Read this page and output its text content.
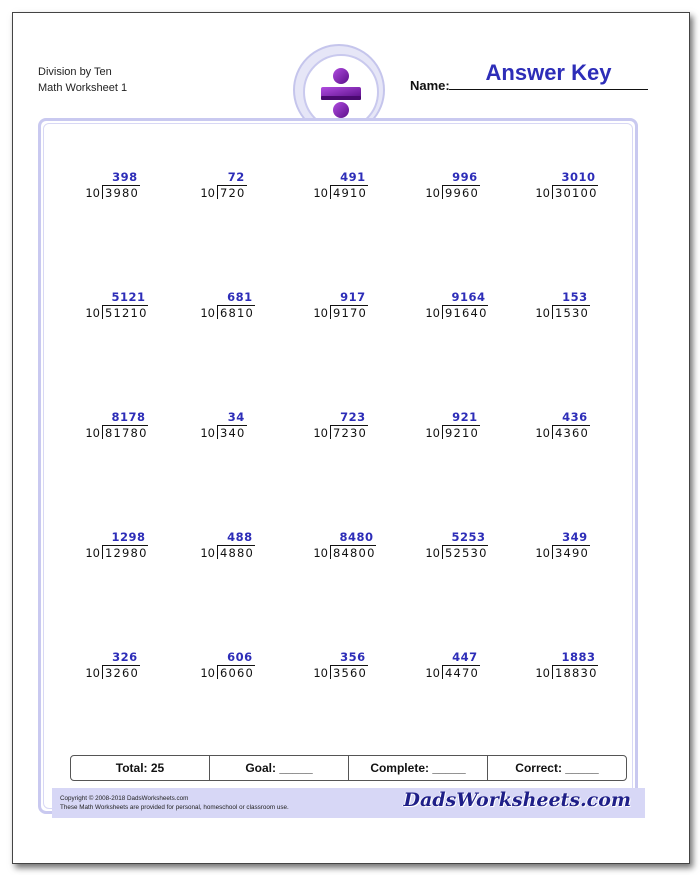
Division by Ten
Math Worksheet 1	Name:
Answer Key
10 3980
398
10 720
72
10 4910
491
10 9960
996
10 30100
3010
10 51210
5121
10 6810
681
10 9170
917
10 91640
9164
10 1530
153
10 81780
8178
10 340
34
10 7230
723
10 9210
921
10 4360
436
10 12980
1298
10 4880
488
10 84800
8480
10 52530
5253
10 3490
349
10 3260
326
10 6060
606
10 3560
356
10 4470
447
10 18830
1883
Total: 25	Goal: _____	Complete: _____	Correct: _____
Copyright © 2008-2018 DadsWorksheets.com
These Math Worksheets are provided for personal, homeschool or classroom use.	DadsWorksheets.com
